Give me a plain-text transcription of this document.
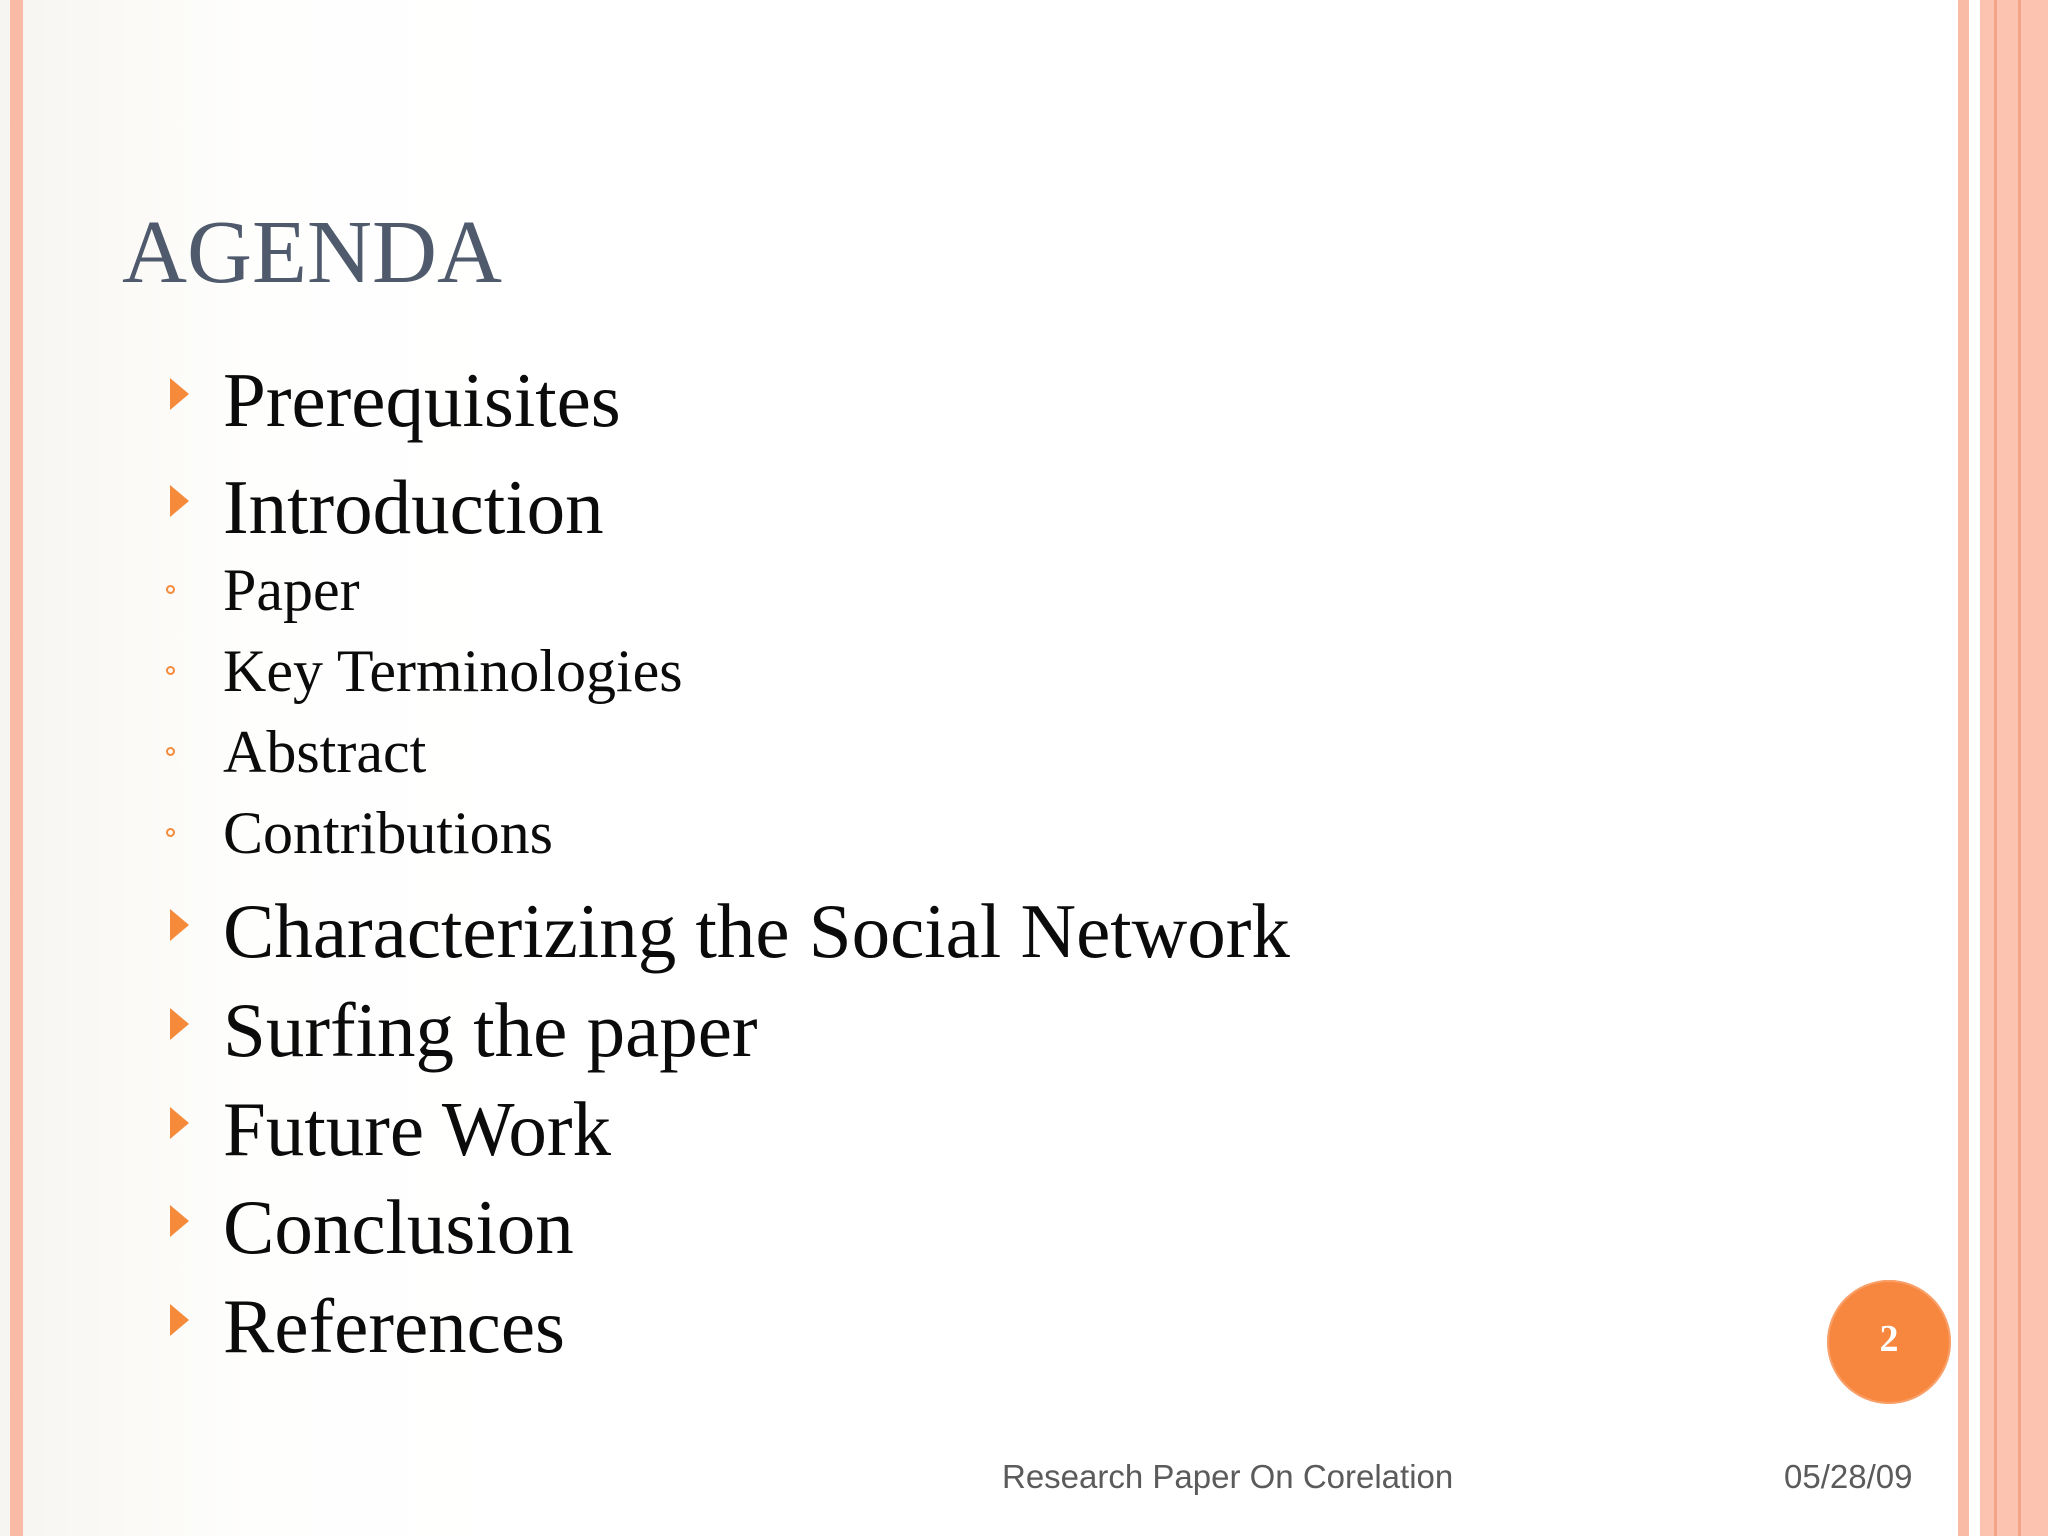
AGENDA
Prerequisites
Introduction
Paper
Key Terminologies
Abstract
Contributions
Characterizing the Social Network
Surfing the paper
Future Work
Conclusion
References	2
Research Paper On Corelation	05/28/09
